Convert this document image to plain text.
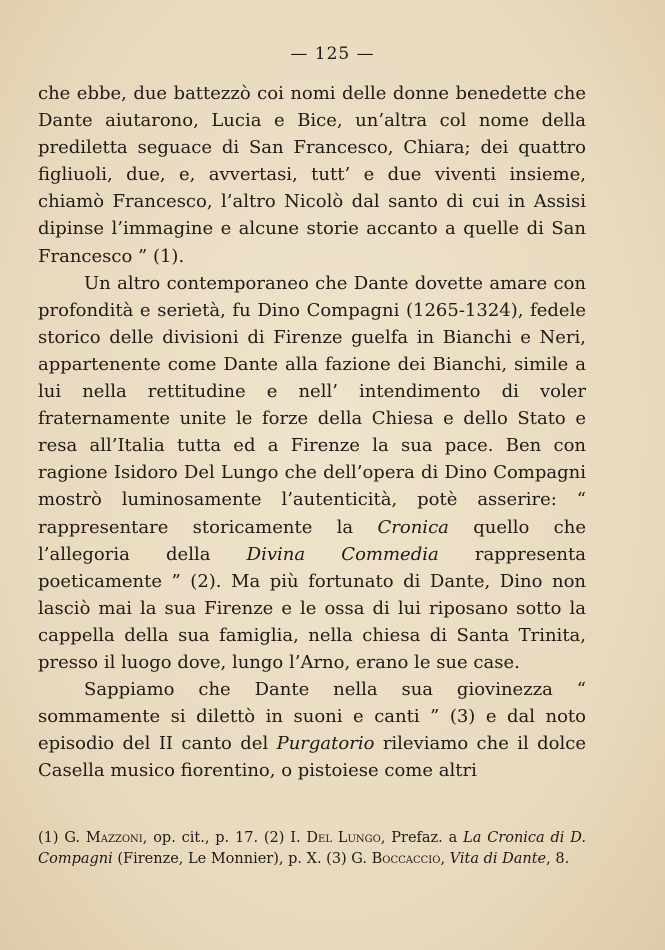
— 125 —

che ebbe, due battezzò coi nomi delle donne benedette che Dante aiutarono, Lucia e Bice, un’altra col nome della prediletta seguace di San Francesco, Chiara; dei quattro figliuoli, due, e, avvertasi, tutt’ e due viventi insieme, chiamò Francesco, l’altro Nicolò dal santo di cui in Assisi dipinse l’immagine e alcune storie accanto a quelle di San Francesco ” (1).

Un altro contemporaneo che Dante dovette amare con profondità e serietà, fu Dino Compagni (1265-1324), fedele storico delle divisioni di Firenze guelfa in Bianchi e Neri, appartenente come Dante alla fazione dei Bianchi, simile a lui nella rettitudine e nell’ intendimento di voler fraternamente unite le forze della Chiesa e dello Stato e resa all’Italia tutta ed a Firenze la sua pace. Ben con ragione Isidoro Del Lungo che dell’opera di Dino Compagni mostrò luminosamente l’autenticità, potè asserire: “ rappresentare storicamente la Cronica quello che l’allegoria della Divina Commedia rappresenta poeticamente ” (2). Ma più fortunato di Dante, Dino non lasciò mai la sua Firenze e le ossa di lui riposano sotto la cappella della sua famiglia, nella chiesa di Santa Trinita, presso il luogo dove, lungo l’Arno, erano le sue case.

Sappiamo che Dante nella sua giovinezza “ sommamente si dilettò in suoni e canti ” (3) e dal noto episodio del II canto del Purgatorio rileviamo che il dolce Casella musico fiorentino, o pistoiese come altri

(1) G. Mazzoni, op. cit., p. 17. (2) I. Del Lungo, Prefaz. a La Cronica di D. Compagni (Firenze, Le Monnier), p. X. (3) G. Boccaccio, Vita di Dante, 8.
